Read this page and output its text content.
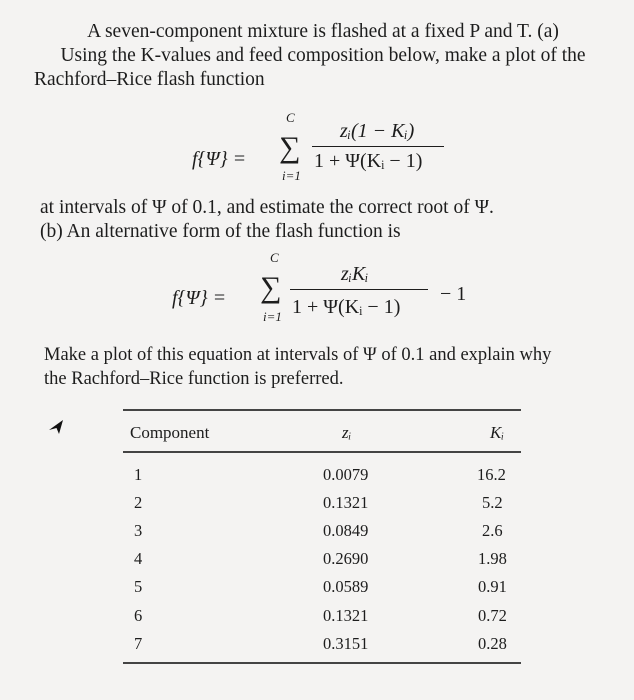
A seven-component mixture is flashed at a fixed P and T. (a)

Using the K-values and feed composition below, make a plot of the

Rachford–Rice flash function

f{Ψ} =
C
∑
i=1
zᵢ(1 − Kᵢ)
1 + Ψ(Kᵢ − 1)

at intervals of Ψ of 0.1, and estimate the correct root of Ψ.

(b) An alternative form of the flash function is

f{Ψ} =
C
∑
i=1
zᵢKᵢ
1 + Ψ(Kᵢ − 1)
− 1

Make a plot of this equation at intervals of Ψ of 0.1 and explain why

the Rachford–Rice function is preferred.

Component	zᵢ	Kᵢ
1	0.0079	16.2
2	0.1321	5.2
3	0.0849	2.6
4	0.2690	1.98
5	0.0589	0.91
6	0.1321	0.72
7	0.3151	0.28
